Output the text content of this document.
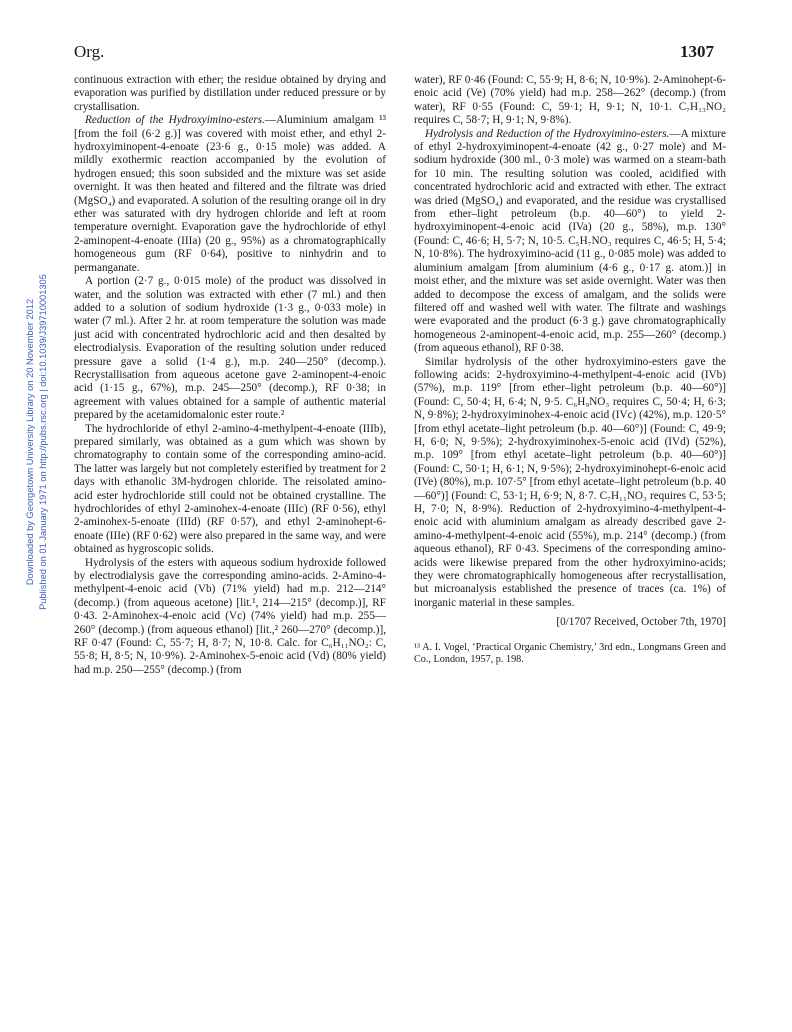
Org.	1307
Downloaded by Georgetown University Library on 20 November 2012 Published on 01 January 1971 on http://pubs.rsc.org | doi:10.1039/J39710001305

continuous extraction with ether; the residue obtained by drying and evaporation was purified by distillation under reduced pressure or by crystallisation.

Reduction of the Hydroxyimino-esters.—Aluminium amalgam ¹³ [from the foil (6·2 g.)] was covered with moist ether, and ethyl 2-hydroxyiminopent-4-enoate (23·6 g., 0·15 mole) was added. A mildly exothermic reaction accompanied by the evolution of hydrogen ensued; this soon subsided and the mixture was set aside overnight. It was then heated and filtered and the filtrate was dried (MgSO₄) and evaporated. A solution of the resulting orange oil in dry ether was saturated with dry hydrogen chloride and left at room temperature overnight. Evaporation gave the hydrochloride of ethyl 2-aminopent-4-enoate (IIIa) (20 g., 95%) as a chromatographically homogeneous gum (RF 0·64), positive to ninhydrin and to permanganate.

A portion (2·7 g., 0·015 mole) of the product was dissolved in water, and the solution was extracted with ether (7 ml.) and then added to a solution of sodium hydroxide (1·3 g., 0·033 mole) in water (7 ml.). After 2 hr. at room temperature the solution was made just acid with concentrated hydrochloric acid and then desalted by electrodialysis. Evaporation of the resulting solution under reduced pressure gave a solid (1·4 g.), m.p. 240—250° (decomp.). Recrystallisation from aqueous acetone gave 2-aminopent-4-enoic acid (1·15 g., 67%), m.p. 245—250° (decomp.), RF 0·38; in agreement with values obtained for a sample of authentic material prepared by the acetamidomalonic ester route.²

The hydrochloride of ethyl 2-amino-4-methylpent-4-enoate (IIIb), prepared similarly, was obtained as a gum which was shown by chromatography to contain some of the corresponding amino-acid. The latter was largely but not completely esterified by treatment for 2 days with ethanolic 3M-hydrogen chloride. The reisolated amino-acid ester hydrochloride still could not be obtained crystalline. The hydrochlorides of ethyl 2-aminohex-4-enoate (IIIc) (RF 0·56), ethyl 2-aminohex-5-enoate (IIId) (RF 0·57), and ethyl 2-aminohept-6-enoate (IIIe) (RF 0·62) were also prepared in the same way, and were obtained as hygroscopic solids.

Hydrolysis of the esters with aqueous sodium hydroxide followed by electrodialysis gave the corresponding amino-acids. 2-Amino-4-methylpent-4-enoic acid (Vb) (71% yield) had m.p. 212—214° (decomp.) (from aqueous acetone) [lit.¹, 214—215° (decomp.)], RF 0·43. 2-Aminohex-4-enoic acid (Vc) (74% yield) had m.p. 255—260° (decomp.) (from aqueous ethanol) [lit.,² 260—270° (decomp.)], RF 0·47 (Found: C, 55·7; H, 8·7; N, 10·8. Calc. for C₆H₁₁NO₂: C, 55·8; H, 8·5; N, 10·9%). 2-Aminohex-5-enoic acid (Vd) (80% yield) had m.p. 250—255° (decomp.) (from

water), RF 0·46 (Found: C, 55·9; H, 8·6; N, 10·9%). 2-Aminohept-6-enoic acid (Ve) (70% yield) had m.p. 258—262° (decomp.) (from water), RF 0·55 (Found: C, 59·1; H, 9·1; N, 10·1. C₇H₁₃NO₂ requires C, 58·7; H, 9·1; N, 9·8%).

Hydrolysis and Reduction of the Hydroxyimino-esters.—A mixture of ethyl 2-hydroxyiminopent-4-enoate (42 g., 0·27 mole) and M-sodium hydroxide (300 ml., 0·3 mole) was warmed on a steam-bath for 10 min. The resulting solution was cooled, acidified with concentrated hydrochloric acid and extracted with ether. The extract was dried (MgSO₄) and evaporated, and the residue was crystallised from ether–light petroleum (b.p. 40—60°) to yield 2-hydroxyiminopent-4-enoic acid (IVa) (20 g., 58%), m.p. 130° (Found: C, 46·6; H, 5·7; N, 10·5. C₅H₇NO₃ requires C, 46·5; H, 5·4; N, 10·8%). The hydroxyimino-acid (11 g., 0·085 mole) was added to aluminium amalgam [from aluminium (4·6 g., 0·17 g. atom.)] in moist ether, and the mixture was set aside overnight. Water was then added to decompose the excess of amalgam, and the solids were filtered off and washed well with water. The filtrate and washings were evaporated and the product (6·3 g.) gave chromatographically homogeneous 2-aminopent-4-enoic acid, m.p. 255—260° (decomp.) (from aqueous ethanol), RF 0·38.

Similar hydrolysis of the other hydroxyimino-esters gave the following acids: 2-hydroxyimino-4-methylpent-4-enoic acid (IVb) (57%), m.p. 119° [from ether–light petroleum (b.p. 40—60°)] (Found: C, 50·4; H, 6·4; N, 9·5. C₆H₉NO₃ requires C, 50·4; H, 6·3; N, 9·8%); 2-hydroxyiminohex-4-enoic acid (IVc) (42%), m.p. 120·5° [from ethyl acetate–light petroleum (b.p. 40—60°)] (Found: C, 49·9; H, 6·0; N, 9·5%); 2-hydroxyiminohex-5-enoic acid (IVd) (52%), m.p. 109° [from ethyl acetate–light petroleum (b.p. 40—60°)] (Found: C, 50·1; H, 6·1; N, 9·5%); 2-hydroxyiminohept-6-enoic acid (IVe) (80%), m.p. 107·5° [from ethyl acetate–light petroleum (b.p. 40—60°)] (Found: C, 53·1; H, 6·9; N, 8·7. C₇H₁₁NO₃ requires C, 53·5; H, 7·0; N, 8·9%). Reduction of 2-hydroxyimino-4-methylpent-4-enoic acid with aluminium amalgam as already described gave 2-amino-4-methylpent-4-enoic acid (55%), m.p. 214° (decomp.) (from aqueous ethanol), RF 0·43. Specimens of the corresponding amino-acids were likewise prepared from the other hydroxyimino-acids; they were chromatographically homogeneous after recrystallisation, but microanalysis established the presence of traces (ca. 1%) of inorganic material in these samples.

[0/1707 Received, October 7th, 1970]

¹³ A. I. Vogel, ‘Practical Organic Chemistry,’ 3rd edn., Longmans Green and Co., London, 1957, p. 198.
